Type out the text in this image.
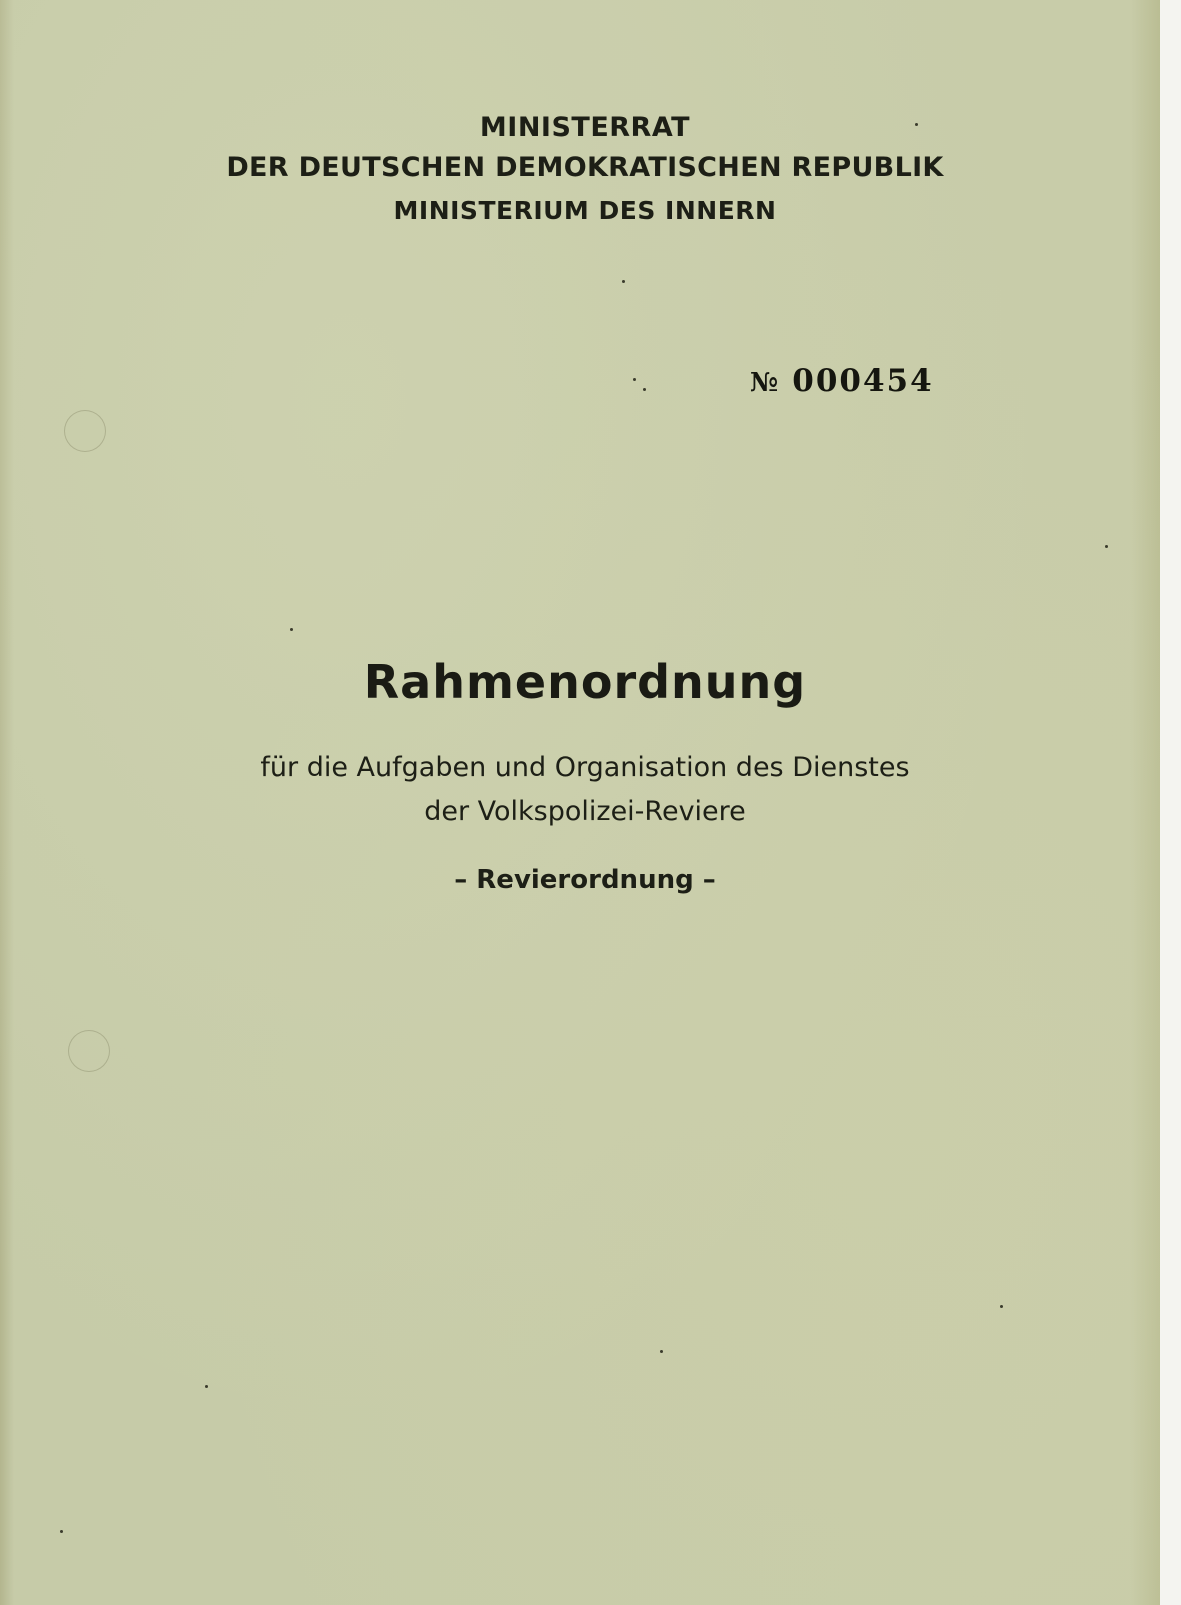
MINISTERRAT
DER DEUTSCHEN DEMOKRATISCHEN REPUBLIK
MINISTERIUM DES INNERN
№ 000454
Rahmenordnung
für die Aufgaben und Organisation des Dienstes
der Volkspolizei-Reviere
– Revierordnung –
